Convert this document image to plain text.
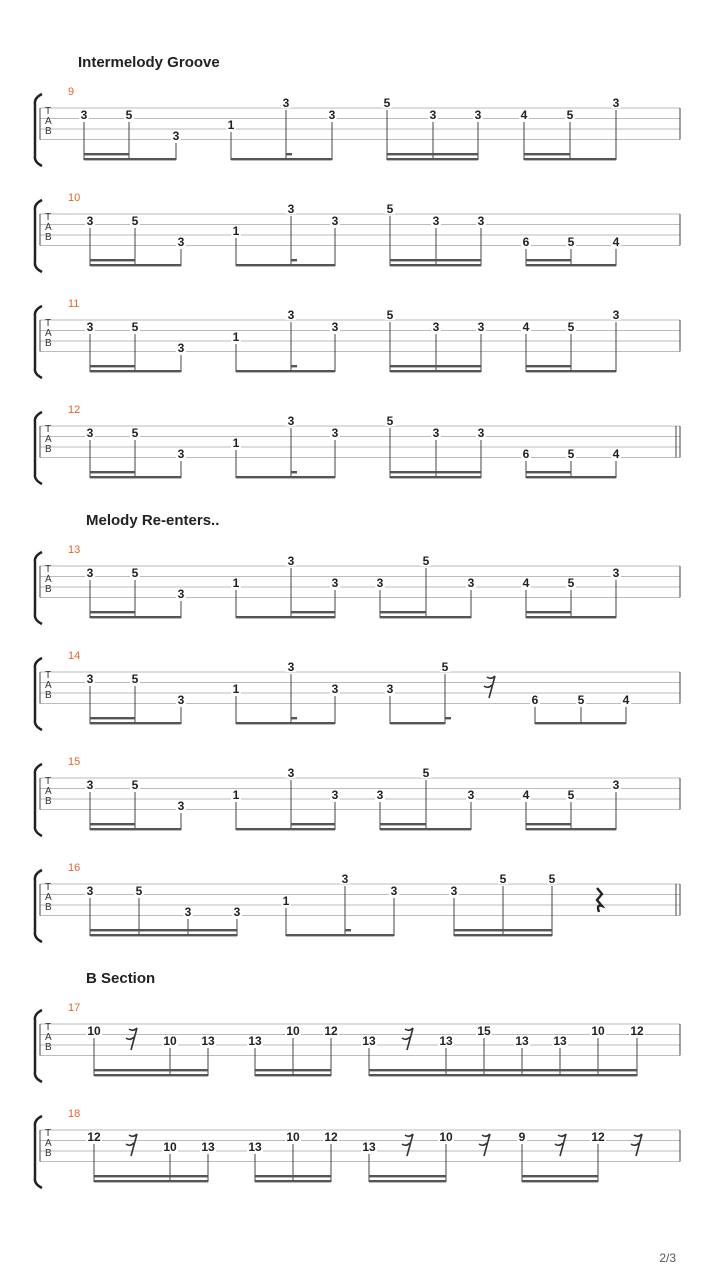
Intermelody Groove
Melody Re-enters..
B Section
9
T
A
B
3	5
3
1
3
3
5
3	3	4	5
3
10
T
A
B
3	5
3
1
3
3
5
3	3
6	5	4
11
T
A
B
3	5
3
1
3
3
5
3	3	4	5
3
12
T
A
B
3	5
3
1
3
3
5
3	3
6	5	4
13
T
A
B
3	5
3
1
3
3	3
5
3	4	5
3
14
T
A
B
3	5
3
1
3
3	3
5
6	5	4
15
T
A
B
3	5
3
1
3
3	3
5
3	4	5
3
16
T
A
B
3	5
3	3
1
3
3	3
5	5
17
T
A
B
10
10 13	13
10 12
13	13
15
13 13
10 12
18
T
A
B
12
10 13	13
10 12
13
10	9	12
2/3
